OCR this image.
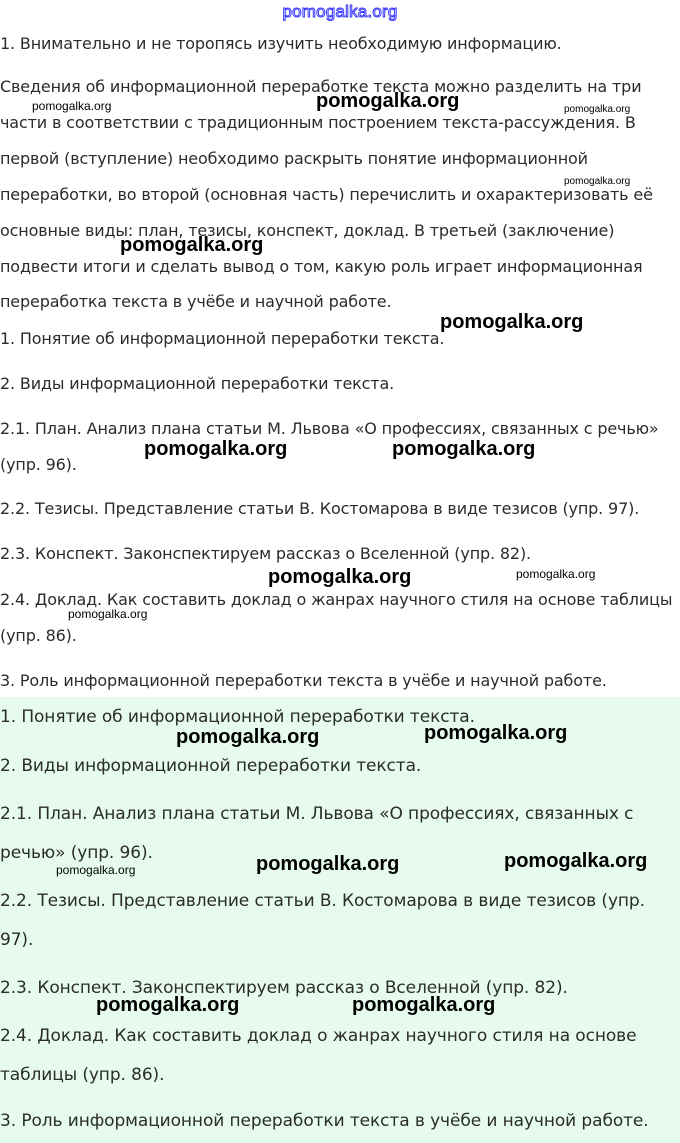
pomogalka.org
1. Внимательно и не торопясь изучить необходимую информацию.
Сведения об информационной переработке текста можно разделить на три
части в соответствии с традиционным построением текста-рассуждения. В
первой (вступление) необходимо раскрыть понятие информационной
переработки, во второй (основная часть) перечислить и охарактеризовать её
основные виды: план, тезисы, конспект, доклад. В третьей (заключение)
подвести итоги и сделать вывод о том, какую роль играет информационная
переработка текста в учёбе и научной работе.
1. Понятие об информационной переработки текста.
2. Виды информационной переработки текста.
2.1. План. Анализ плана статьи М. Львова «О профессиях, связанных с речью»
(упр. 96).
2.2. Тезисы. Представление статьи В. Костомарова в виде тезисов (упр. 97).
2.3. Конспект. Законспектируем рассказ о Вселенной (упр. 82).
2.4. Доклад. Как составить доклад о жанрах научного стиля на основе таблицы
(упр. 86).
3. Роль информационной переработки текста в учёбе и научной работе.
1. Понятие об информационной переработки текста.
2. Виды информационной переработки текста.
2.1. План. Анализ плана статьи М. Львова «О профессиях, связанных с
речью» (упр. 96).
2.2. Тезисы. Представление статьи В. Костомарова в виде тезисов (упр.
97).
2.3. Конспект. Законспектируем рассказ о Вселенной (упр. 82).
2.4. Доклад. Как составить доклад о жанрах научного стиля на основе
таблицы (упр. 86).
3. Роль информационной переработки текста в учёбе и научной работе.
pomogalka.org	pomogalka.org	pomogalka.org
pomogalka.org
pomogalka.org
pomogalka.org
pomogalka.org	pomogalka.org
pomogalka.org	pomogalka.org
pomogalka.org
pomogalka.org	pomogalka.org
pomogalka.org	pomogalka.org
pomogalka.org
pomogalka.org	pomogalka.org
